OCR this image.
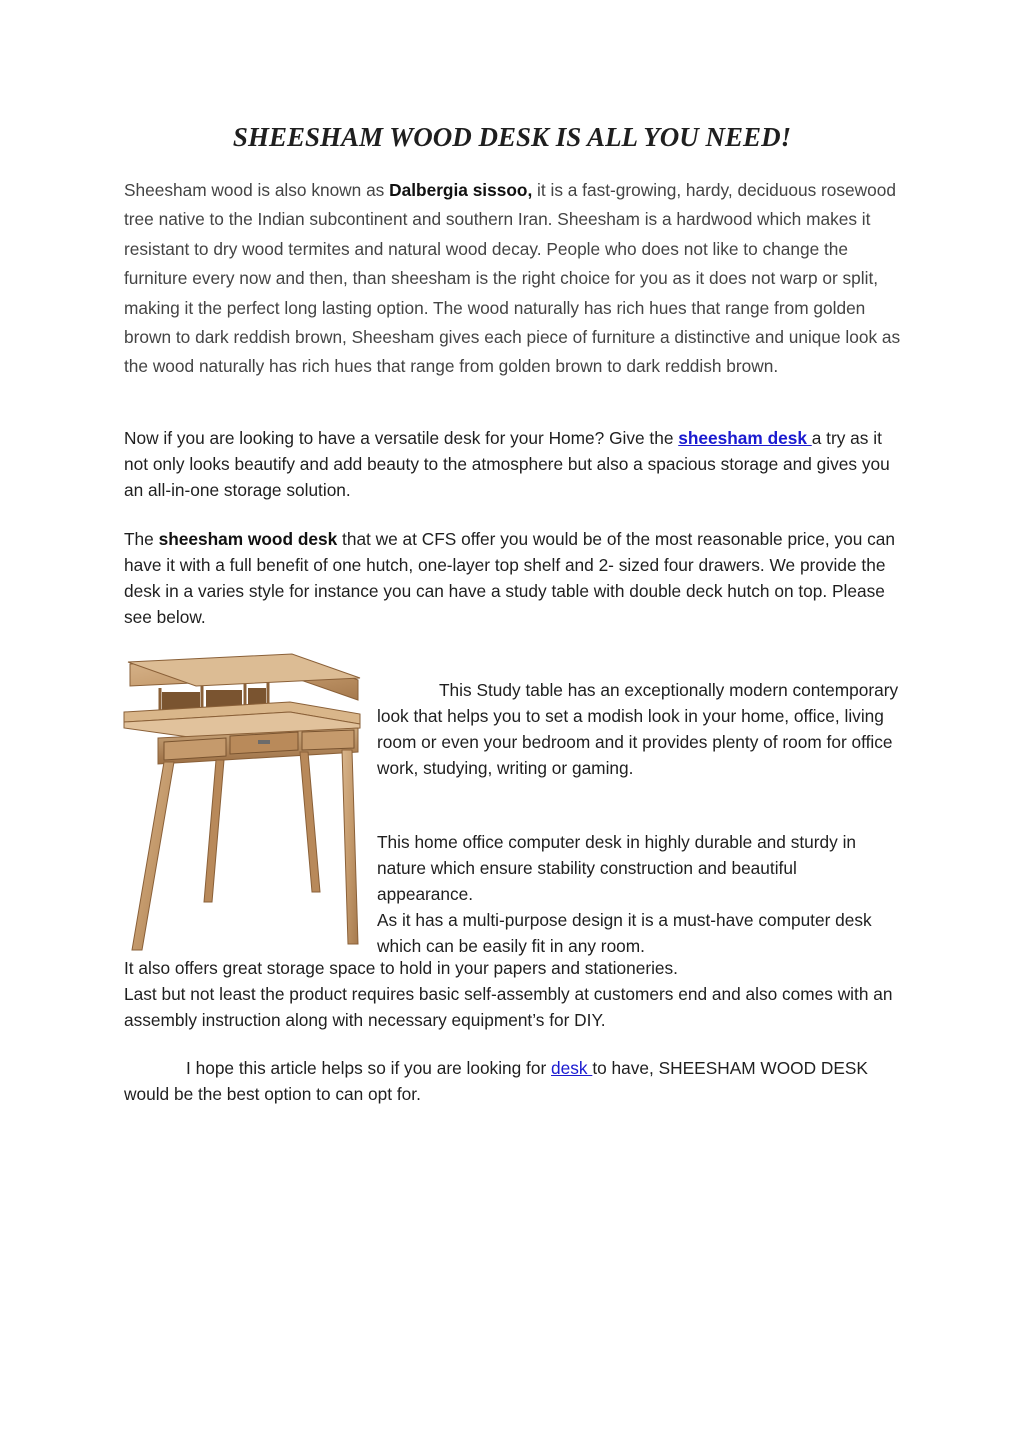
SHEESHAM WOOD DESK IS ALL YOU NEED!

Sheesham wood is also known as Dalbergia sissoo, it is a fast-growing, hardy, deciduous rosewood tree native to the Indian subcontinent and southern Iran. Sheesham is a hardwood which makes it resistant to dry wood termites and natural wood decay. People who does not like to change the furniture every now and then, than sheesham is the right choice for you as it does not warp or split, making it the perfect long lasting option. The wood naturally has rich hues that range from golden brown to dark reddish brown, Sheesham gives each piece of furniture a distinctive and unique look as the wood naturally has rich hues that range from golden brown to dark reddish brown.

Now if you are looking to have a versatile desk for your Home? Give the sheesham desk a try as it not only looks beautify and add beauty to the atmosphere but also a spacious storage and gives you an all-in-one storage solution.

The sheesham wood desk that we at CFS offer you would be of the most reasonable price, you can have it with a full benefit of one hutch, one-layer top shelf and 2- sized four drawers. We provide the desk in a varies style for instance you can have a study table with double deck hutch on top. Please see below.

This Study table has an exceptionally modern contemporary look that helps you to set a modish look in your home, office, living room or even your bedroom and it provides plenty of room for office work, studying, writing or gaming.

This home office computer desk in highly durable and sturdy in nature which ensure stability construction and beautiful appearance.
As it has a multi-purpose design it is a must-have computer desk which can be easily fit in any room.

It also offers great storage space to hold in your papers and stationeries.
Last but not least the product requires basic self-assembly at customers end and also comes with an assembly instruction along with necessary equipment’s for DIY.

I hope this article helps so if you are looking for desk to have, SHEESHAM WOOD DESK would be the best option to can opt for.
